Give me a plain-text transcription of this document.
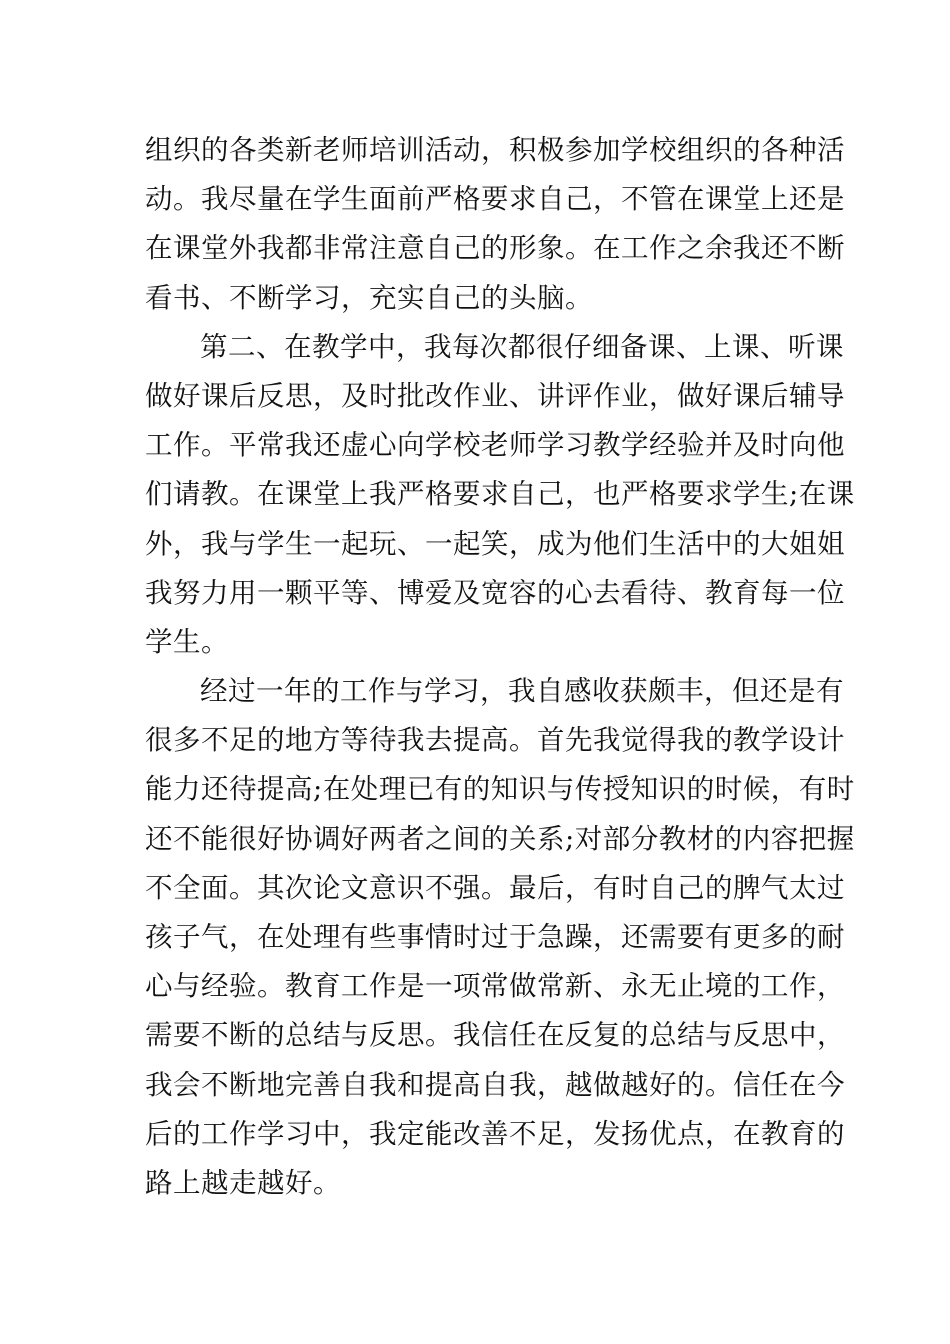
组织的各类新老师培训活动，积极参加学校组织的各种活
动。我尽量在学生面前严格要求自己，不管在课堂上还是
在课堂外我都非常注意自己的形象。在工作之余我还不断
看书、不断学习，充实自己的头脑。
第二、在教学中，我每次都很仔细备课、上课、听课
做好课后反思，及时批改作业、讲评作业，做好课后辅导
工作。平常我还虚心向学校老师学习教学经验并及时向他
们请教。在课堂上我严格要求自己，也严格要求学生;在课
外，我与学生一起玩、一起笑，成为他们生活中的大姐姐
我努力用一颗平等、博爱及宽容的心去看待、教育每一位
学生。
经过一年的工作与学习，我自感收获颇丰，但还是有
很多不足的地方等待我去提高。首先我觉得我的教学设计
能力还待提高;在处理已有的知识与传授知识的时候，有时
还不能很好协调好两者之间的关系;对部分教材的内容把握
不全面。其次论文意识不强。最后，有时自己的脾气太过
孩子气，在处理有些事情时过于急躁，还需要有更多的耐
心与经验。教育工作是一项常做常新、永无止境的工作，
需要不断的总结与反思。我信任在反复的总结与反思中，
我会不断地完善自我和提高自我，越做越好的。信任在今
后的工作学习中，我定能改善不足，发扬优点，在教育的
路上越走越好。
